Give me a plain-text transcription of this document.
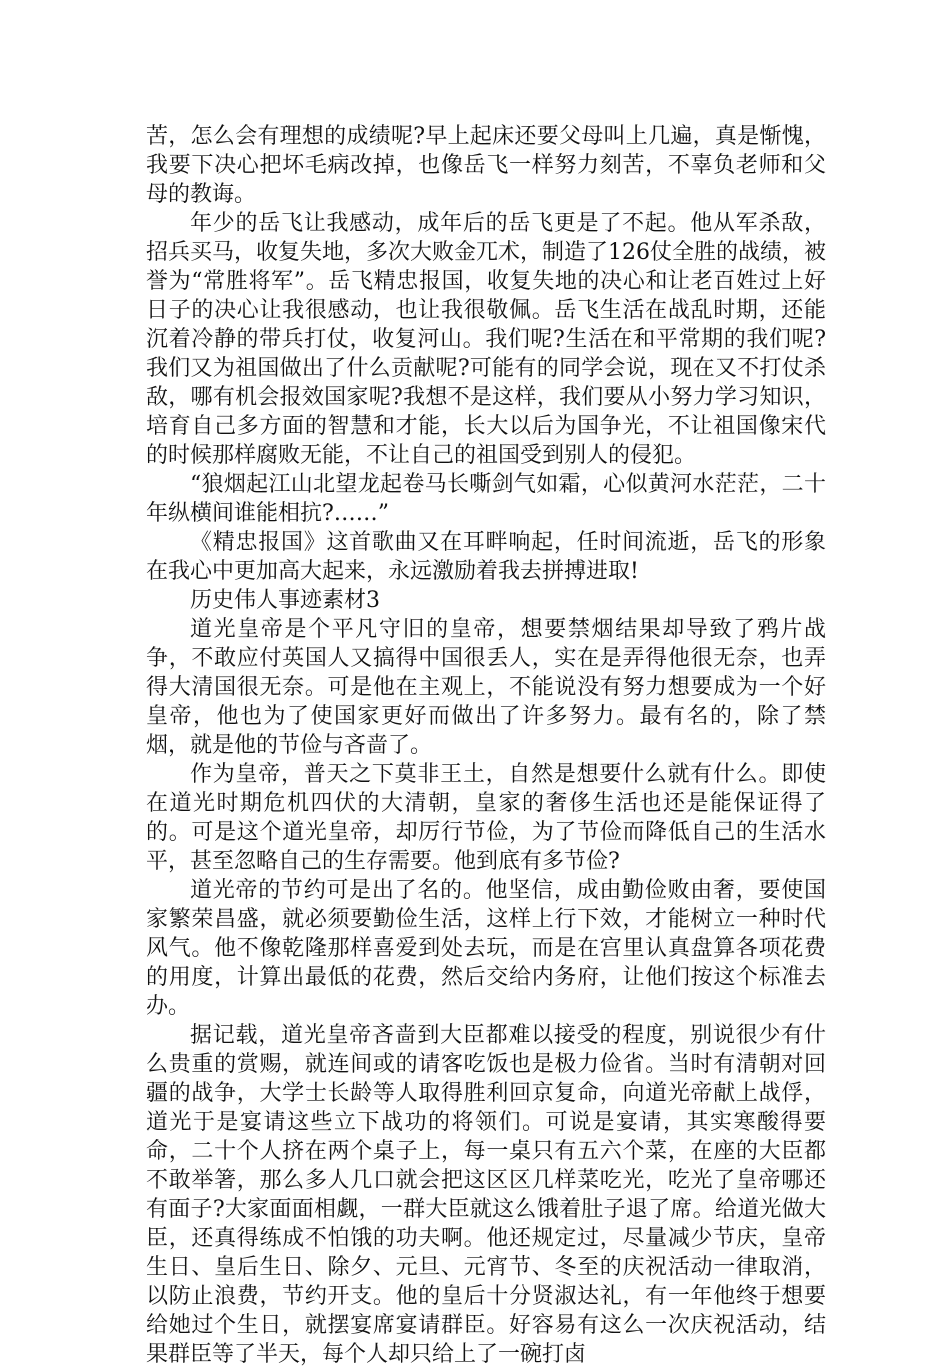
苦，怎么会有理想的成绩呢?早上起床还要父母叫上几遍，真是惭愧，我要下决心把坏毛病改掉，也像岳飞一样努力刻苦，不辜负老师和父母的教诲。

年少的岳飞让我感动，成年后的岳飞更是了不起。他从军杀敌，招兵买马，收复失地，多次大败金兀术，制造了126仗全胜的战绩，被誉为“常胜将军”。岳飞精忠报国，收复失地的决心和让老百姓过上好日子的决心让我很感动，也让我很敬佩。岳飞生活在战乱时期，还能沉着冷静的带兵打仗，收复河山。我们呢?生活在和平常期的我们呢?我们又为祖国做出了什么贡献呢?可能有的同学会说，现在又不打仗杀敌，哪有机会报效国家呢?我想不是这样，我们要从小努力学习知识，培育自己多方面的智慧和才能，长大以后为国争光，不让祖国像宋代的时候那样腐败无能，不让自己的祖国受到别人的侵犯。

“狼烟起江山北望龙起卷马长嘶剑气如霜，心似黄河水茫茫，二十年纵横间谁能相抗?……”

《精忠报国》这首歌曲又在耳畔响起，任时间流逝，岳飞的形象在我心中更加高大起来，永远激励着我去拼搏进取!

历史伟人事迹素材3

道光皇帝是个平凡守旧的皇帝，想要禁烟结果却导致了鸦片战争，不敢应付英国人又搞得中国很丢人，实在是弄得他很无奈，也弄得大清国很无奈。可是他在主观上，不能说没有努力想要成为一个好皇帝，他也为了使国家更好而做出了许多努力。最有名的，除了禁烟，就是他的节俭与吝啬了。

作为皇帝，普天之下莫非王土，自然是想要什么就有什么。即使在道光时期危机四伏的大清朝，皇家的奢侈生活也还是能保证得了的。可是这个道光皇帝，却厉行节俭，为了节俭而降低自己的生活水平，甚至忽略自己的生存需要。他到底有多节俭?

道光帝的节约可是出了名的。他坚信，成由勤俭败由奢，要使国家繁荣昌盛，就必须要勤俭生活，这样上行下效，才能树立一种时代风气。他不像乾隆那样喜爱到处去玩，而是在宫里认真盘算各项花费的用度，计算出最低的花费，然后交给内务府，让他们按这个标准去办。

据记载，道光皇帝吝啬到大臣都难以接受的程度，别说很少有什么贵重的赏赐，就连间或的请客吃饭也是极力俭省。当时有清朝对回疆的战争，大学士长龄等人取得胜利回京复命，向道光帝献上战俘，道光于是宴请这些立下战功的将领们。可说是宴请，其实寒酸得要命，二十个人挤在两个桌子上，每一桌只有五六个菜，在座的大臣都不敢举箸，那么多人几口就会把这区区几样菜吃光，吃光了皇帝哪还有面子?大家面面相觑，一群大臣就这么饿着肚子退了席。给道光做大臣，还真得练成不怕饿的功夫啊。他还规定过，尽量减少节庆，皇帝生日、皇后生日、除夕、元旦、元宵节、冬至的庆祝活动一律取消，以防止浪费，节约开支。他的皇后十分贤淑达礼，有一年他终于想要给她过个生日，就摆宴席宴请群臣。好容易有这么一次庆祝活动，结果群臣等了半天，每个人却只给上了一碗打卤
